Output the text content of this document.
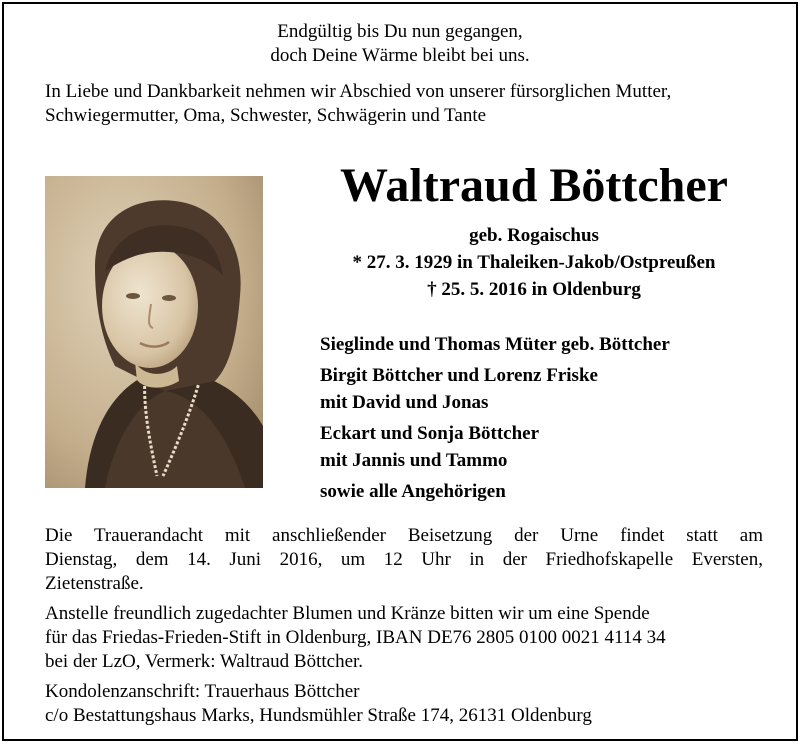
Endgültig bis Du nun gegangen,
doch Deine Wärme bleibt bei uns.
In Liebe und Dankbarkeit nehmen wir Abschied von unserer fürsorglichen Mutter,
Schwiegermutter, Oma, Schwester, Schwägerin und Tante
Waltraud Böttcher
geb. Rogaischus
* 27. 3. 1929 in Thaleiken-Jakob/Ostpreußen
† 25. 5. 2016 in Oldenburg
Sieglinde und Thomas Müter geb. Böttcher
Birgit Böttcher und Lorenz Friske
mit David und Jonas
Eckart und Sonja Böttcher
mit Jannis und Tammo
sowie alle Angehörigen
Die Trauerandacht mit anschließender Beisetzung der Urne findet statt am
Dienstag, dem 14. Juni 2016, um 12 Uhr in der Friedhofskapelle Eversten,
Zietenstraße.
Anstelle freundlich zugedachter Blumen und Kränze bitten wir um eine Spende
für das Friedas-Frieden-Stift in Oldenburg, IBAN DE76 2805 0100 0021 4114 34
bei der LzO, Vermerk: Waltraud Böttcher.
Kondolenzanschrift: Trauerhaus Böttcher
c/o Bestattungshaus Marks, Hundsmühler Straße 174, 26131 Oldenburg
